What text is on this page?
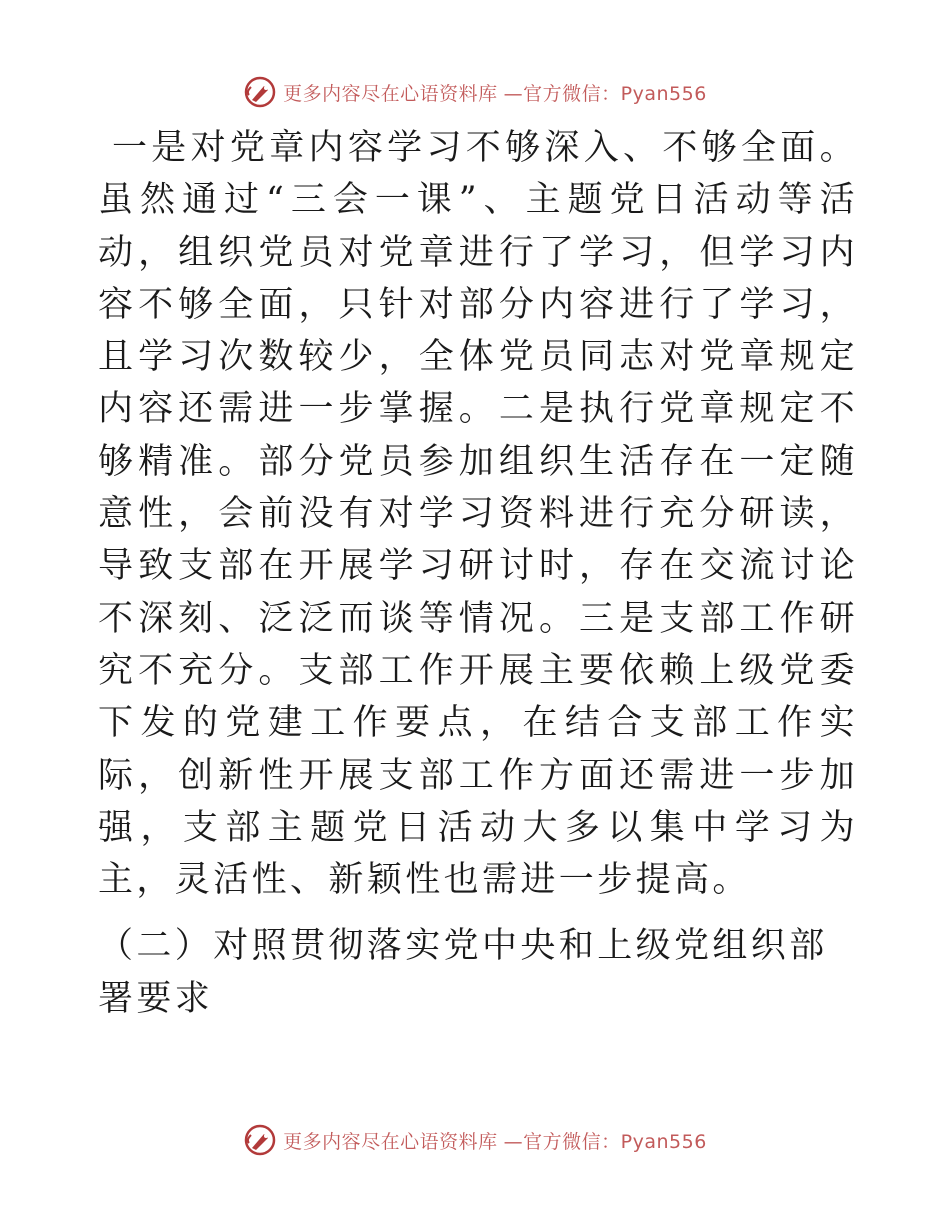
更多内容尽在心语资料库 —官方微信：Pyan556

一是对党章内容学习不够深入、不够全面。虽然通过“三会一课”、主题党日活动等活动，组织党员对党章进行了学习，但学习内容不够全面，只针对部分内容进行了学习，且学习次数较少，全体党员同志对党章规定内容还需进一步掌握。二是执行党章规定不够精准。部分党员参加组织生活存在一定随意性，会前没有对学习资料进行充分研读，导致支部在开展学习研讨时，存在交流讨论不深刻、泛泛而谈等情况。三是支部工作研究不充分。支部工作开展主要依赖上级党委下发的党建工作要点，在结合支部工作实际，创新性开展支部工作方面还需进一步加强，支部主题党日活动大多以集中学习为主，灵活性、新颖性也需进一步提高。

（二）对照贯彻落实党中央和上级党组织部署要求

更多内容尽在心语资料库 —官方微信：Pyan556
